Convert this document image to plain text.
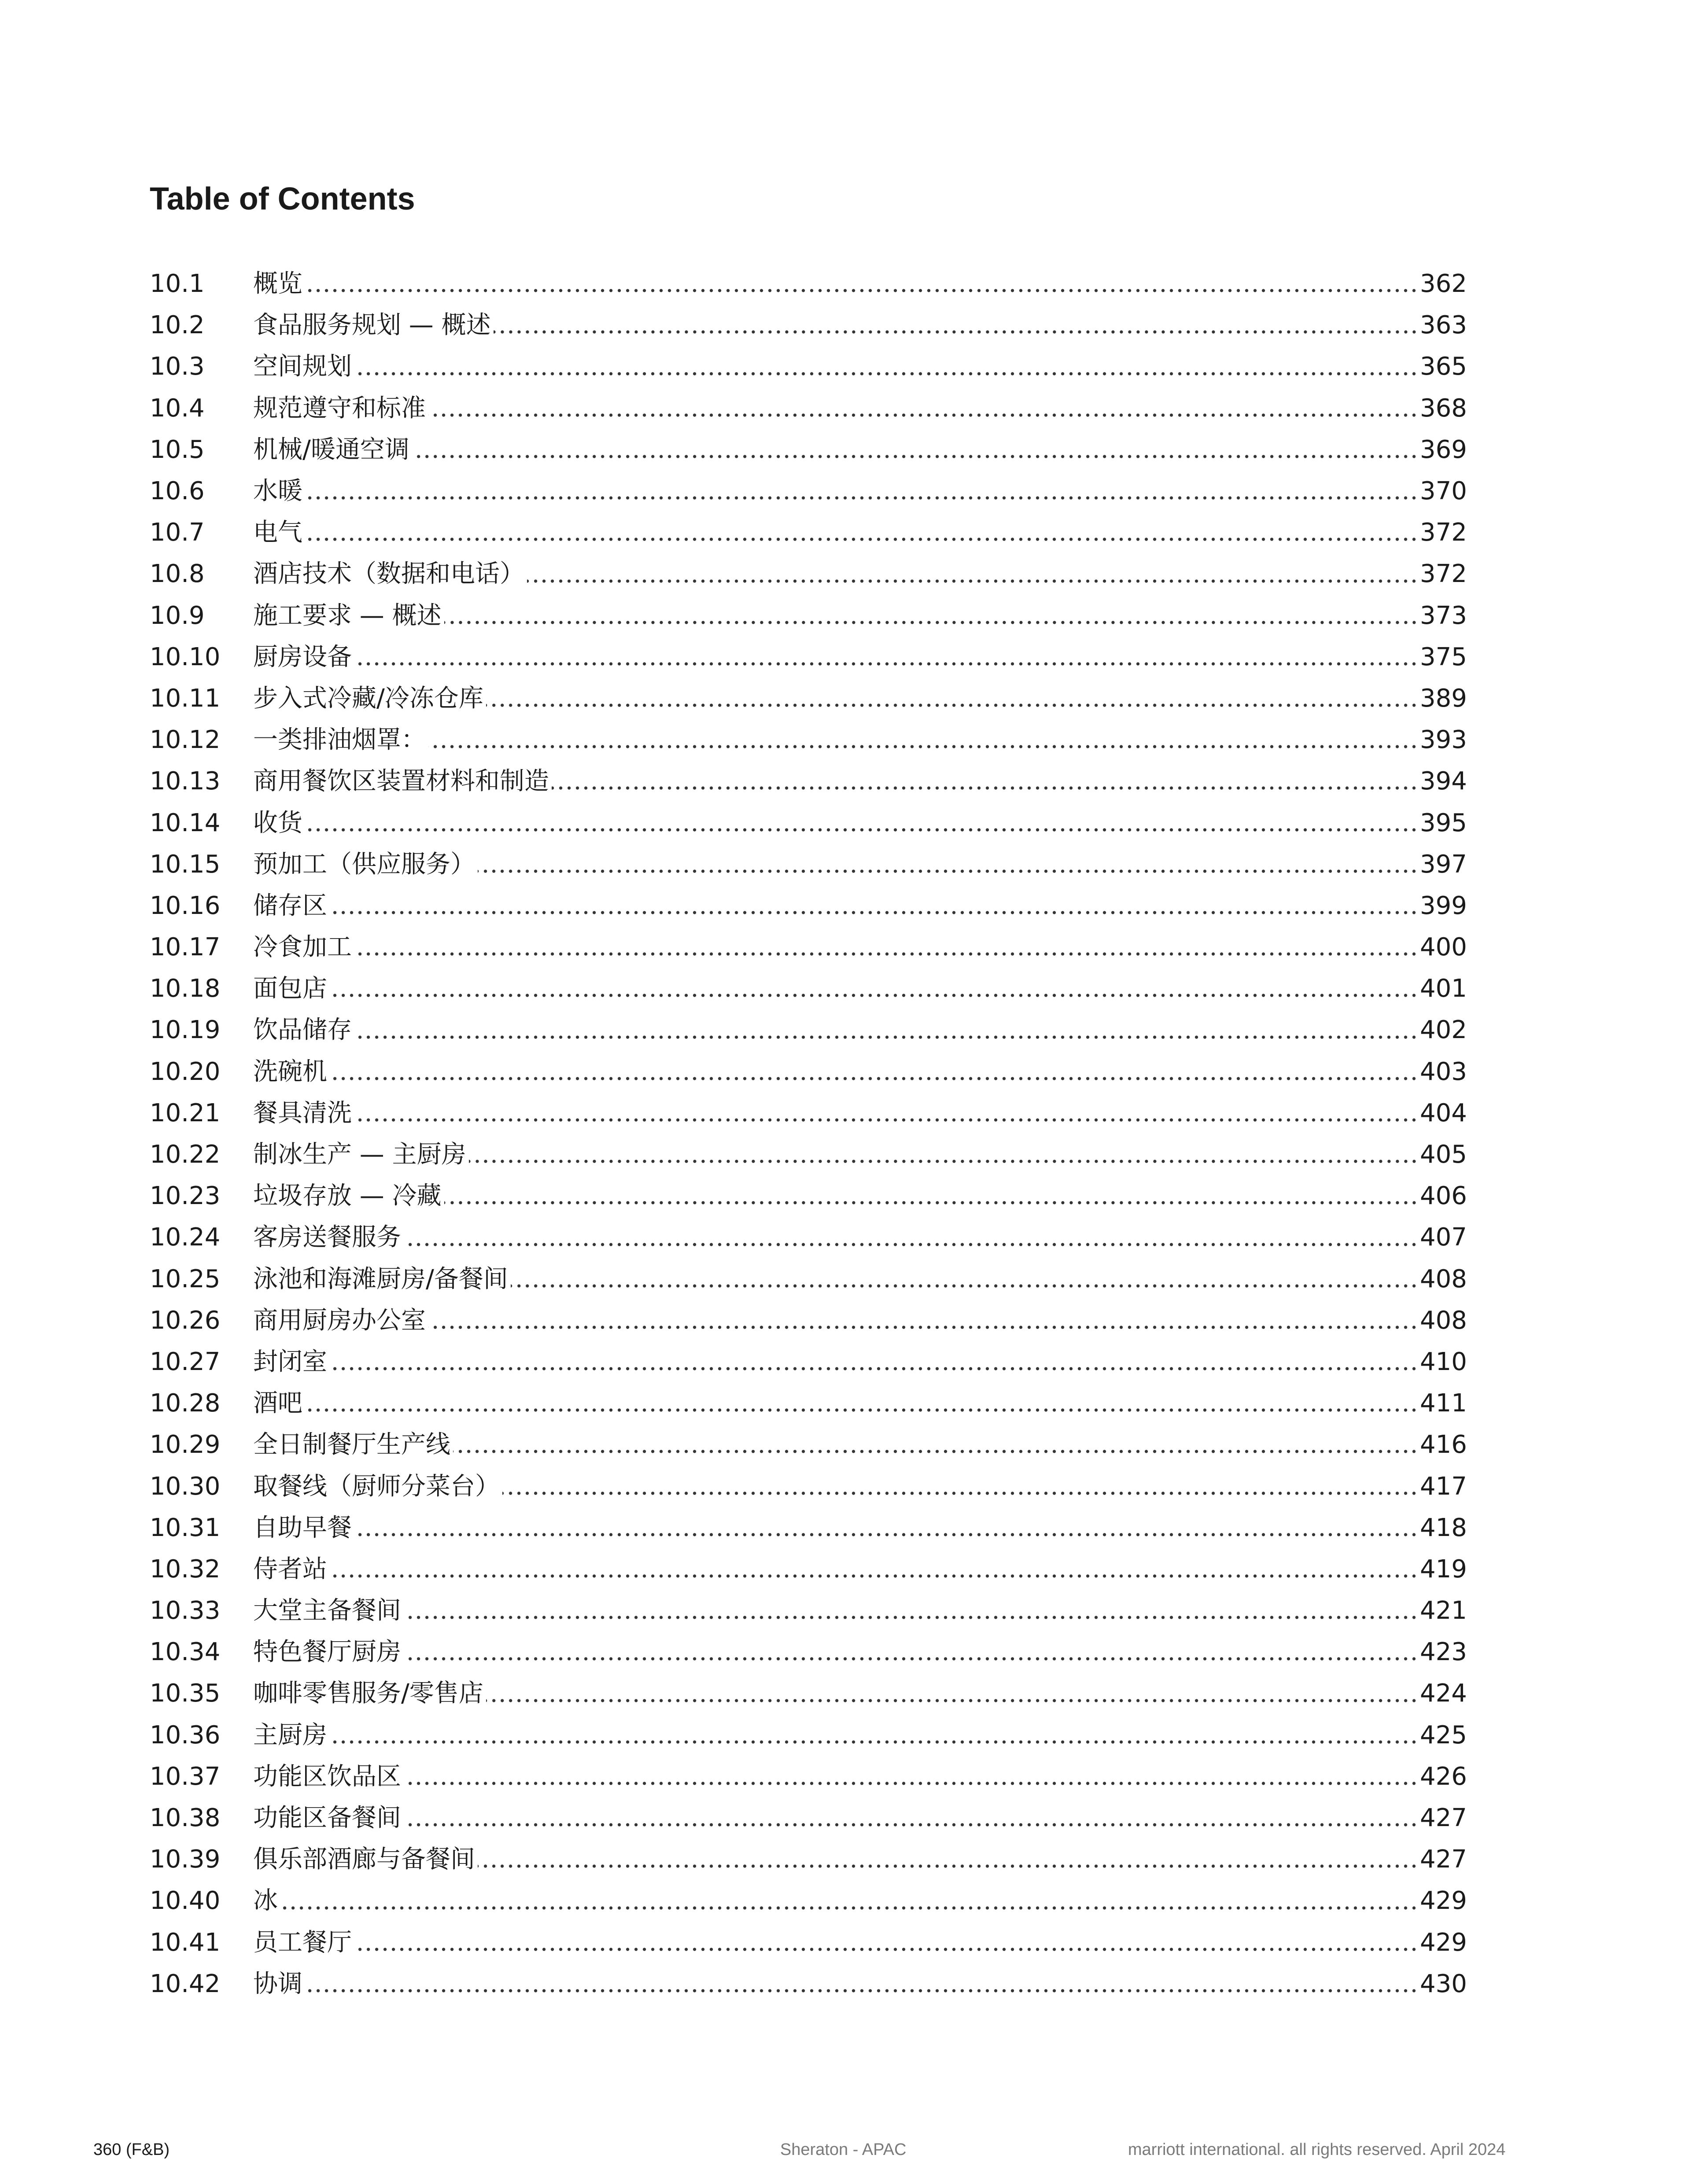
Table of Contents
10.1	概览	362
10.2	食品服务规划 — 概述	363
10.3	空间规划	365
10.4	规范遵守和标准	368
10.5	机械/暖通空调	369
10.6	水暖	370
10.7	电气	372
10.8	酒店技术（数据和电话）	372
10.9	施工要求 — 概述	373
10.10	厨房设备	375
10.11	步入式冷藏/冷冻仓库	389
10.12	一类排油烟罩：	393
10.13	商用餐饮区装置材料和制造	394
10.14	收货	395
10.15	预加工（供应服务）	397
10.16	储存区	399
10.17	冷食加工	400
10.18	面包店	401
10.19	饮品储存	402
10.20	洗碗机	403
10.21	餐具清洗	404
10.22	制冰生产 — 主厨房	405
10.23	垃圾存放 — 冷藏	406
10.24	客房送餐服务	407
10.25	泳池和海滩厨房/备餐间	408
10.26	商用厨房办公室	408
10.27	封闭室	410
10.28	酒吧	411
10.29	全日制餐厅生产线	416
10.30	取餐线（厨师分菜台）	417
10.31	自助早餐	418
10.32	侍者站	419
10.33	大堂主备餐间	421
10.34	特色餐厅厨房	423
10.35	咖啡零售服务/零售店	424
10.36	主厨房	425
10.37	功能区饮品区	426
10.38	功能区备餐间	427
10.39	俱乐部酒廊与备餐间	427
10.40	冰	429
10.41	员工餐厅	429
10.42	协调	430
360 (F&B)	Sheraton - APAC	marriott international. all rights reserved. April 2024
